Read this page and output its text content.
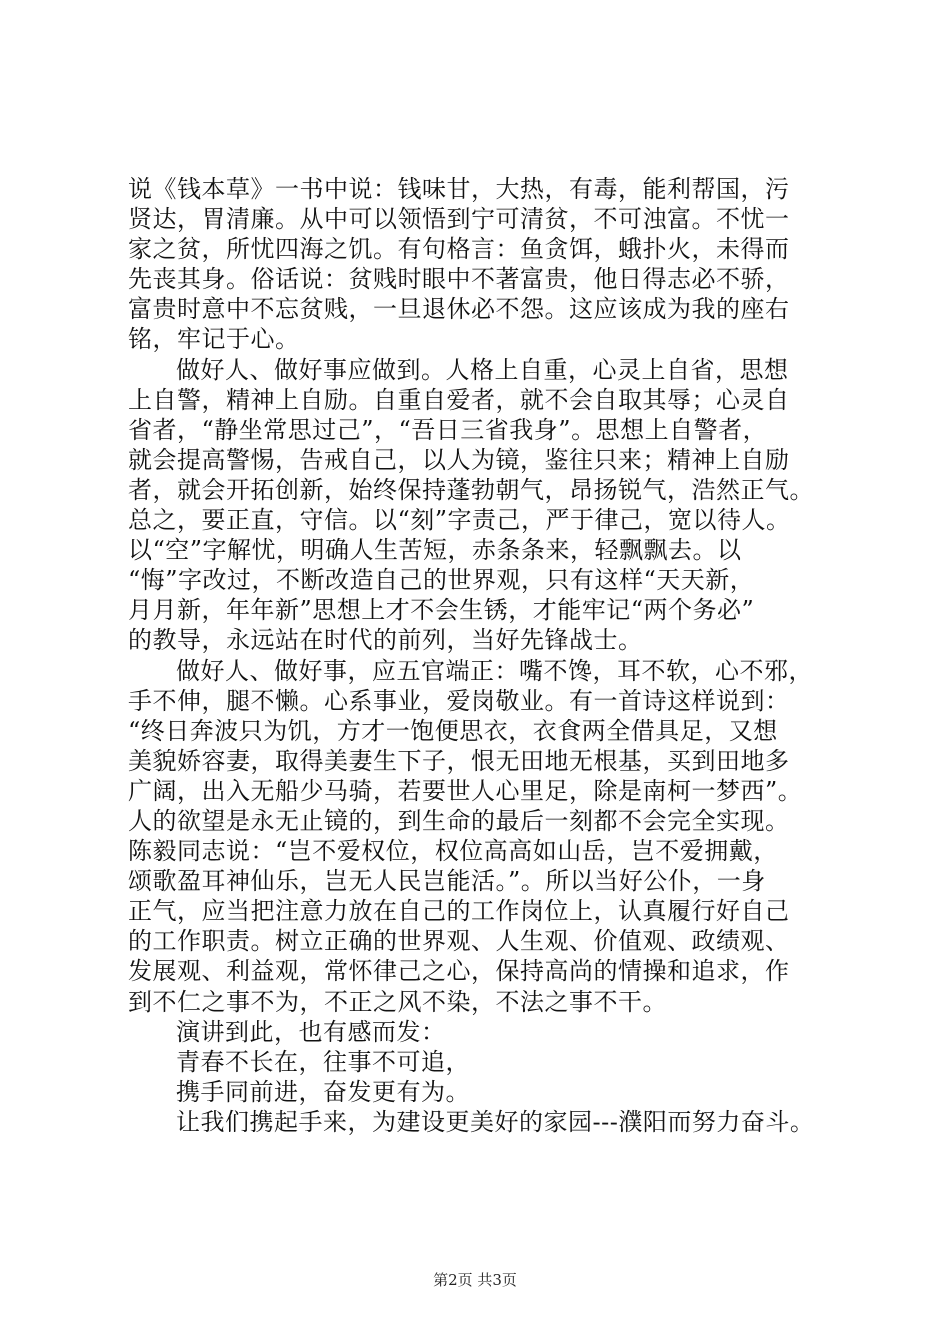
说《钱本草》一书中说：钱味甘，大热，有毒，能利帮国，污
贤达，胃清廉。从中可以领悟到宁可清贫，不可浊富。不忧一
家之贫，所忧四海之饥。有句格言：鱼贪饵，蛾扑火，未得而
先丧其身。俗话说：贫贱时眼中不著富贵，他日得志必不骄，
富贵时意中不忘贫贱，一旦退休必不怨。这应该成为我的座右
铭，牢记于心。
做好人、做好事应做到。人格上自重，心灵上自省，思想
上自警，精神上自励。自重自爱者，就不会自取其辱；心灵自
省者，“静坐常思过己”，“吾日三省我身”。思想上自警者，
就会提高警惕，告戒自己，以人为镜，鉴往只来；精神上自励
者，就会开拓创新，始终保持蓬勃朝气，昂扬锐气，浩然正气。
总之，要正直，守信。以“刻”字责己，严于律己，宽以待人。
以“空”字解忧，明确人生苦短，赤条条来，轻飘飘去。以
“悔”字改过，不断改造自己的世界观，只有这样“天天新，
月月新，年年新”思想上才不会生锈，才能牢记“两个务必”
的教导，永远站在时代的前列，当好先锋战士。
做好人、做好事，应五官端正：嘴不馋，耳不软，心不邪，
手不伸，腿不懒。心系事业，爱岗敬业。有一首诗这样说到：
“终日奔波只为饥，方才一饱便思衣，衣食两全借具足，又想
美貌娇容妻，取得美妻生下子，恨无田地无根基，买到田地多
广阔，出入无船少马骑，若要世人心里足，除是南柯一梦西”。
人的欲望是永无止镜的，到生命的最后一刻都不会完全实现。
陈毅同志说：“岂不爱权位，权位高高如山岳，岂不爱拥戴，
颂歌盈耳神仙乐，岂无人民岂能活。”。所以当好公仆，一身
正气，应当把注意力放在自己的工作岗位上，认真履行好自己
的工作职责。树立正确的世界观、人生观、价值观、政绩观、
发展观、利益观，常怀律己之心，保持高尚的情操和追求，作
到不仁之事不为，不正之风不染，不法之事不干。
演讲到此，也有感而发：
青春不长在，往事不可追，
携手同前进，奋发更有为。
让我们携起手来，为建设更美好的家园---濮阳而努力奋斗。
第2页 共3页
